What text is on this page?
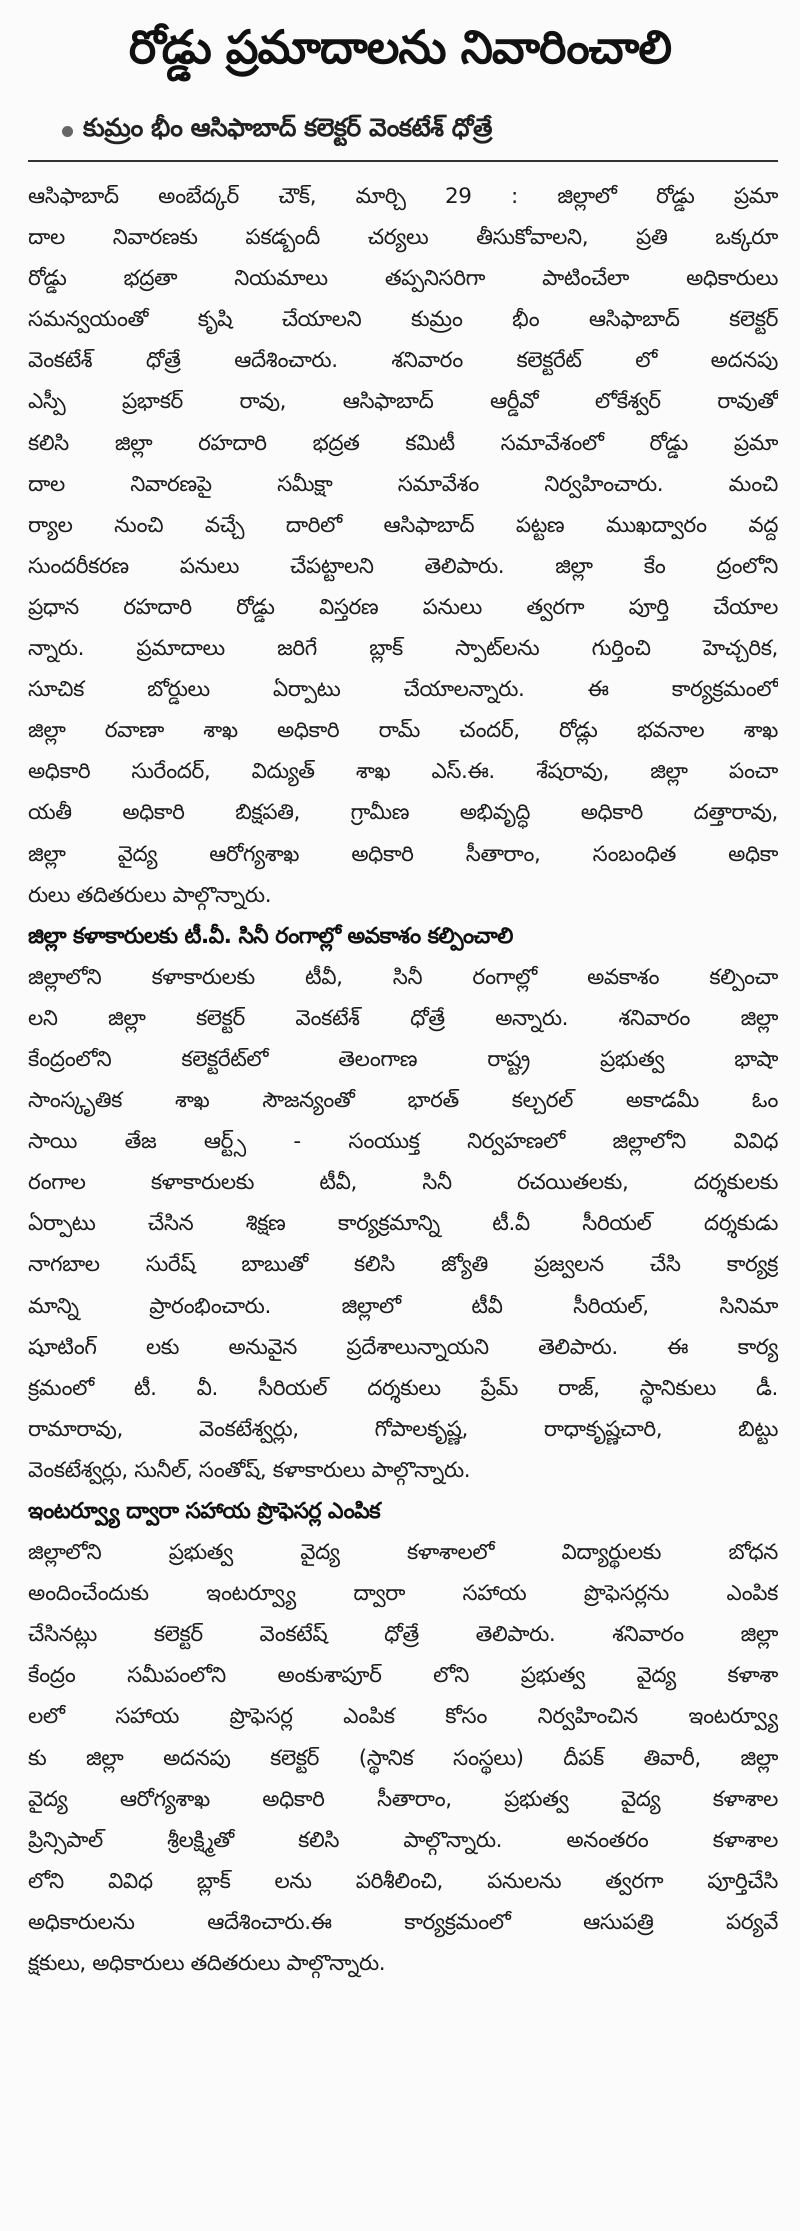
రోడ్డు ప్రమాదాలను నివారించాలి
కుమ్రం భీం ఆసిఫాబాద్ కలెక్టర్ వెంకటేశ్ ధోత్రే
ఆసిఫాబాద్ అంబేద్కర్ చౌక్, మార్చి 29 : జిల్లాలో రోడ్డు ప్రమా
దాల నివారణకు పకడ్బందీ చర్యలు తీసుకోవాలని, ప్రతి ఒక్కరూ
రోడ్డు భద్రతా నియమాలు తప్పనిసరిగా పాటించేలా అధికారులు
సమన్వయంతో కృషి చేయాలని కుమ్రం భీం ఆసిఫాబాద్ కలెక్టర్
వెంకటేశ్ ధోత్రే ఆదేశించారు. శనివారం కలెక్టరేట్ లో అదనపు
ఎస్పీ ప్రభాకర్ రావు, ఆసిఫాబాద్ ఆర్డీవో లోకేశ్వర్ రావుతో
కలిసి జిల్లా రహదారి భద్రత కమిటీ సమావేశంలో రోడ్డు ప్రమా
దాల నివారణపై సమీక్షా సమావేశం నిర్వహించారు. మంచి
ర్యాల నుంచి వచ్చే దారిలో ఆసిఫాబాద్ పట్టణ ముఖద్వారం వద్ద
సుందరీకరణ పనులు చేపట్టాలని తెలిపారు. జిల్లా కేం ద్రంలోని
ప్రధాన రహదారి రోడ్డు విస్తరణ పనులు త్వరగా పూర్తి చేయాల
న్నారు. ప్రమాదాలు జరిగే బ్లాక్ స్పాట్‌లను గుర్తించి హెచ్చరిక,
సూచిక బోర్డులు ఏర్పాటు చేయాలన్నారు. ఈ కార్యక్రమంలో
జిల్లా రవాణా శాఖ అధికారి రామ్ చందర్, రోడ్లు భవనాల శాఖ
అధికారి సురేందర్, విద్యుత్ శాఖ ఎస్.ఈ. శేషరావు, జిల్లా పంచా
యతీ అధికారి బిక్షపతి, గ్రామీణ అభివృద్ధి అధికారి దత్తారావు,
జిల్లా వైద్య ఆరోగ్యశాఖ అధికారి సీతారాం, సంబంధిత అధికా
రులు తదితరులు పాల్గొన్నారు.
జిల్లా కళాకారులకు టీ.వీ. సినీ రంగాల్లో అవకాశం కల్పించాలి
జిల్లాలోని కళాకారులకు టీవీ, సినీ రంగాల్లో అవకాశం కల్పించా
లని జిల్లా కలెక్టర్ వెంకటేశ్ ధోత్రే అన్నారు. శనివారం జిల్లా
కేంద్రంలోని కలెక్టరేట్‌లో తెలంగాణ రాష్ట్ర ప్రభుత్వ భాషా
సాంస్కృతిక శాఖ సౌజన్యంతో భారత్ కల్చరల్ అకాడమీ ఓం
సాయి తేజ ఆర్ట్స్ - సంయుక్త నిర్వహణలో జిల్లాలోని వివిధ
రంగాల కళాకారులకు టీవీ, సినీ రచయితలకు, దర్శకులకు
ఏర్పాటు చేసిన శిక్షణ కార్యక్రమాన్ని టీ.వీ సీరియల్ దర్శకుడు
నాగబాల సురేష్ బాబుతో కలిసి జ్యోతి ప్రజ్వలన చేసి కార్యక్ర
మాన్ని ప్రారంభించారు. జిల్లాలో టీవీ సీరియల్, సినిమా
షూటింగ్ లకు అనువైన ప్రదేశాలున్నాయని తెలిపారు. ఈ కార్య
క్రమంలో టీ. వీ. సీరియల్ దర్శకులు ప్రేమ్ రాజ్, స్థానికులు డీ.
రామారావు, వెంకటేశ్వర్లు, గోపాలకృష్ణ, రాధాకృష్ణచారి, బిట్టు
వెంకటేశ్వర్లు, సునీల్, సంతోష్, కళాకారులు పాల్గొన్నారు.
ఇంటర్వ్యూ ద్వారా సహాయ ప్రొఫెసర్ల ఎంపిక
జిల్లాలోని ప్రభుత్వ వైద్య కళాశాలలో విద్యార్థులకు బోధన
అందించేందుకు ఇంటర్వ్యూ ద్వారా సహాయ ప్రొఫెసర్లను ఎంపిక
చేసినట్లు కలెక్టర్ వెంకటేష్ ధోత్రే తెలిపారు. శనివారం జిల్లా
కేంద్రం సమీపంలోని అంకుశాపూర్ లోని ప్రభుత్వ వైద్య కళాశా
లలో సహాయ ప్రొఫెసర్ల ఎంపిక కోసం నిర్వహించిన ఇంటర్వ్యూ
కు జిల్లా అదనపు కలెక్టర్ (స్థానిక సంస్థలు) దీపక్ తివారీ, జిల్లా
వైద్య ఆరోగ్యశాఖ అధికారి సీతారాం, ప్రభుత్వ వైద్య కళాశాల
ప్రిన్సిపాల్ శ్రీలక్ష్మితో కలిసి పాల్గొన్నారు. అనంతరం కళాశాల
లోని వివిధ బ్లాక్ లను పరిశీలించి, పనులను త్వరగా పూర్తిచేసి
అధికారులను ఆదేశించారు.ఈ కార్యక్రమంలో ఆసుపత్రి పర్యవే
క్షకులు, అధికారులు తదితరులు పాల్గొన్నారు.
